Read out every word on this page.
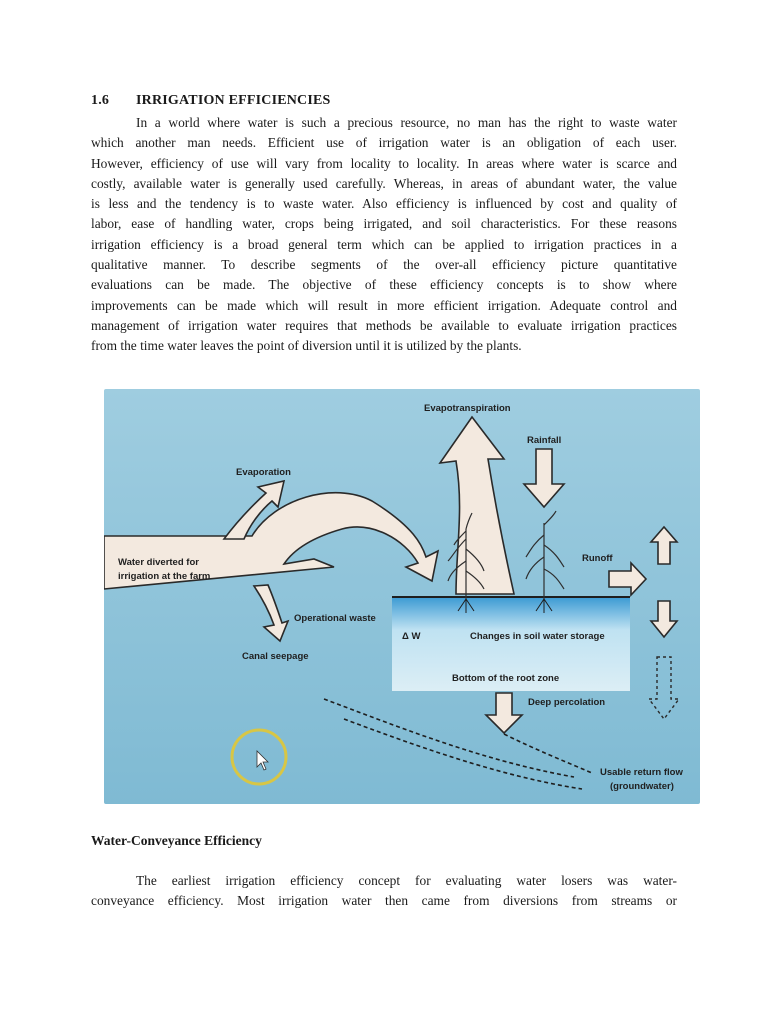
1.6 IRRIGATION EFFICIENCIES
In a world where water is such a precious resource, no man has the right to waste water
which another man needs. Efficient use of irrigation water is an obligation of each user.
However, efficiency of use will vary from locality to locality. In areas where water is scarce and
costly, available water is generally used carefully. Whereas, in areas of abundant water, the value
is less and the tendency is to waste water. Also efficiency is influenced by cost and quality of
labor, ease of handling water, crops being irrigated, and soil characteristics. For these reasons
irrigation efficiency is a broad general term which can be applied to irrigation practices in a
qualitative manner. To describe segments of the over-all efficiency picture quantitative
evaluations can be made. The objective of these efficiency concepts is to show where
improvements can be made which will result in more efficient irrigation. Adequate control and
management of irrigation water requires that methods be available to evaluate irrigation practices
from the time water leaves the point of diversion until it is utilized by the plants.
Evapotranspiration
Rainfall
Evaporation
Water diverted for
irrigation at the farm
Runoff
Operational waste
Δ W	Changes in soil water storage
Canal seepage
Bottom of the root zone
Deep percolation
Usable return flow
(groundwater)
Water-Conveyance Efficiency
The earliest irrigation efficiency concept for evaluating water losers was water-
conveyance efficiency. Most irrigation water then came from diversions from streams or
